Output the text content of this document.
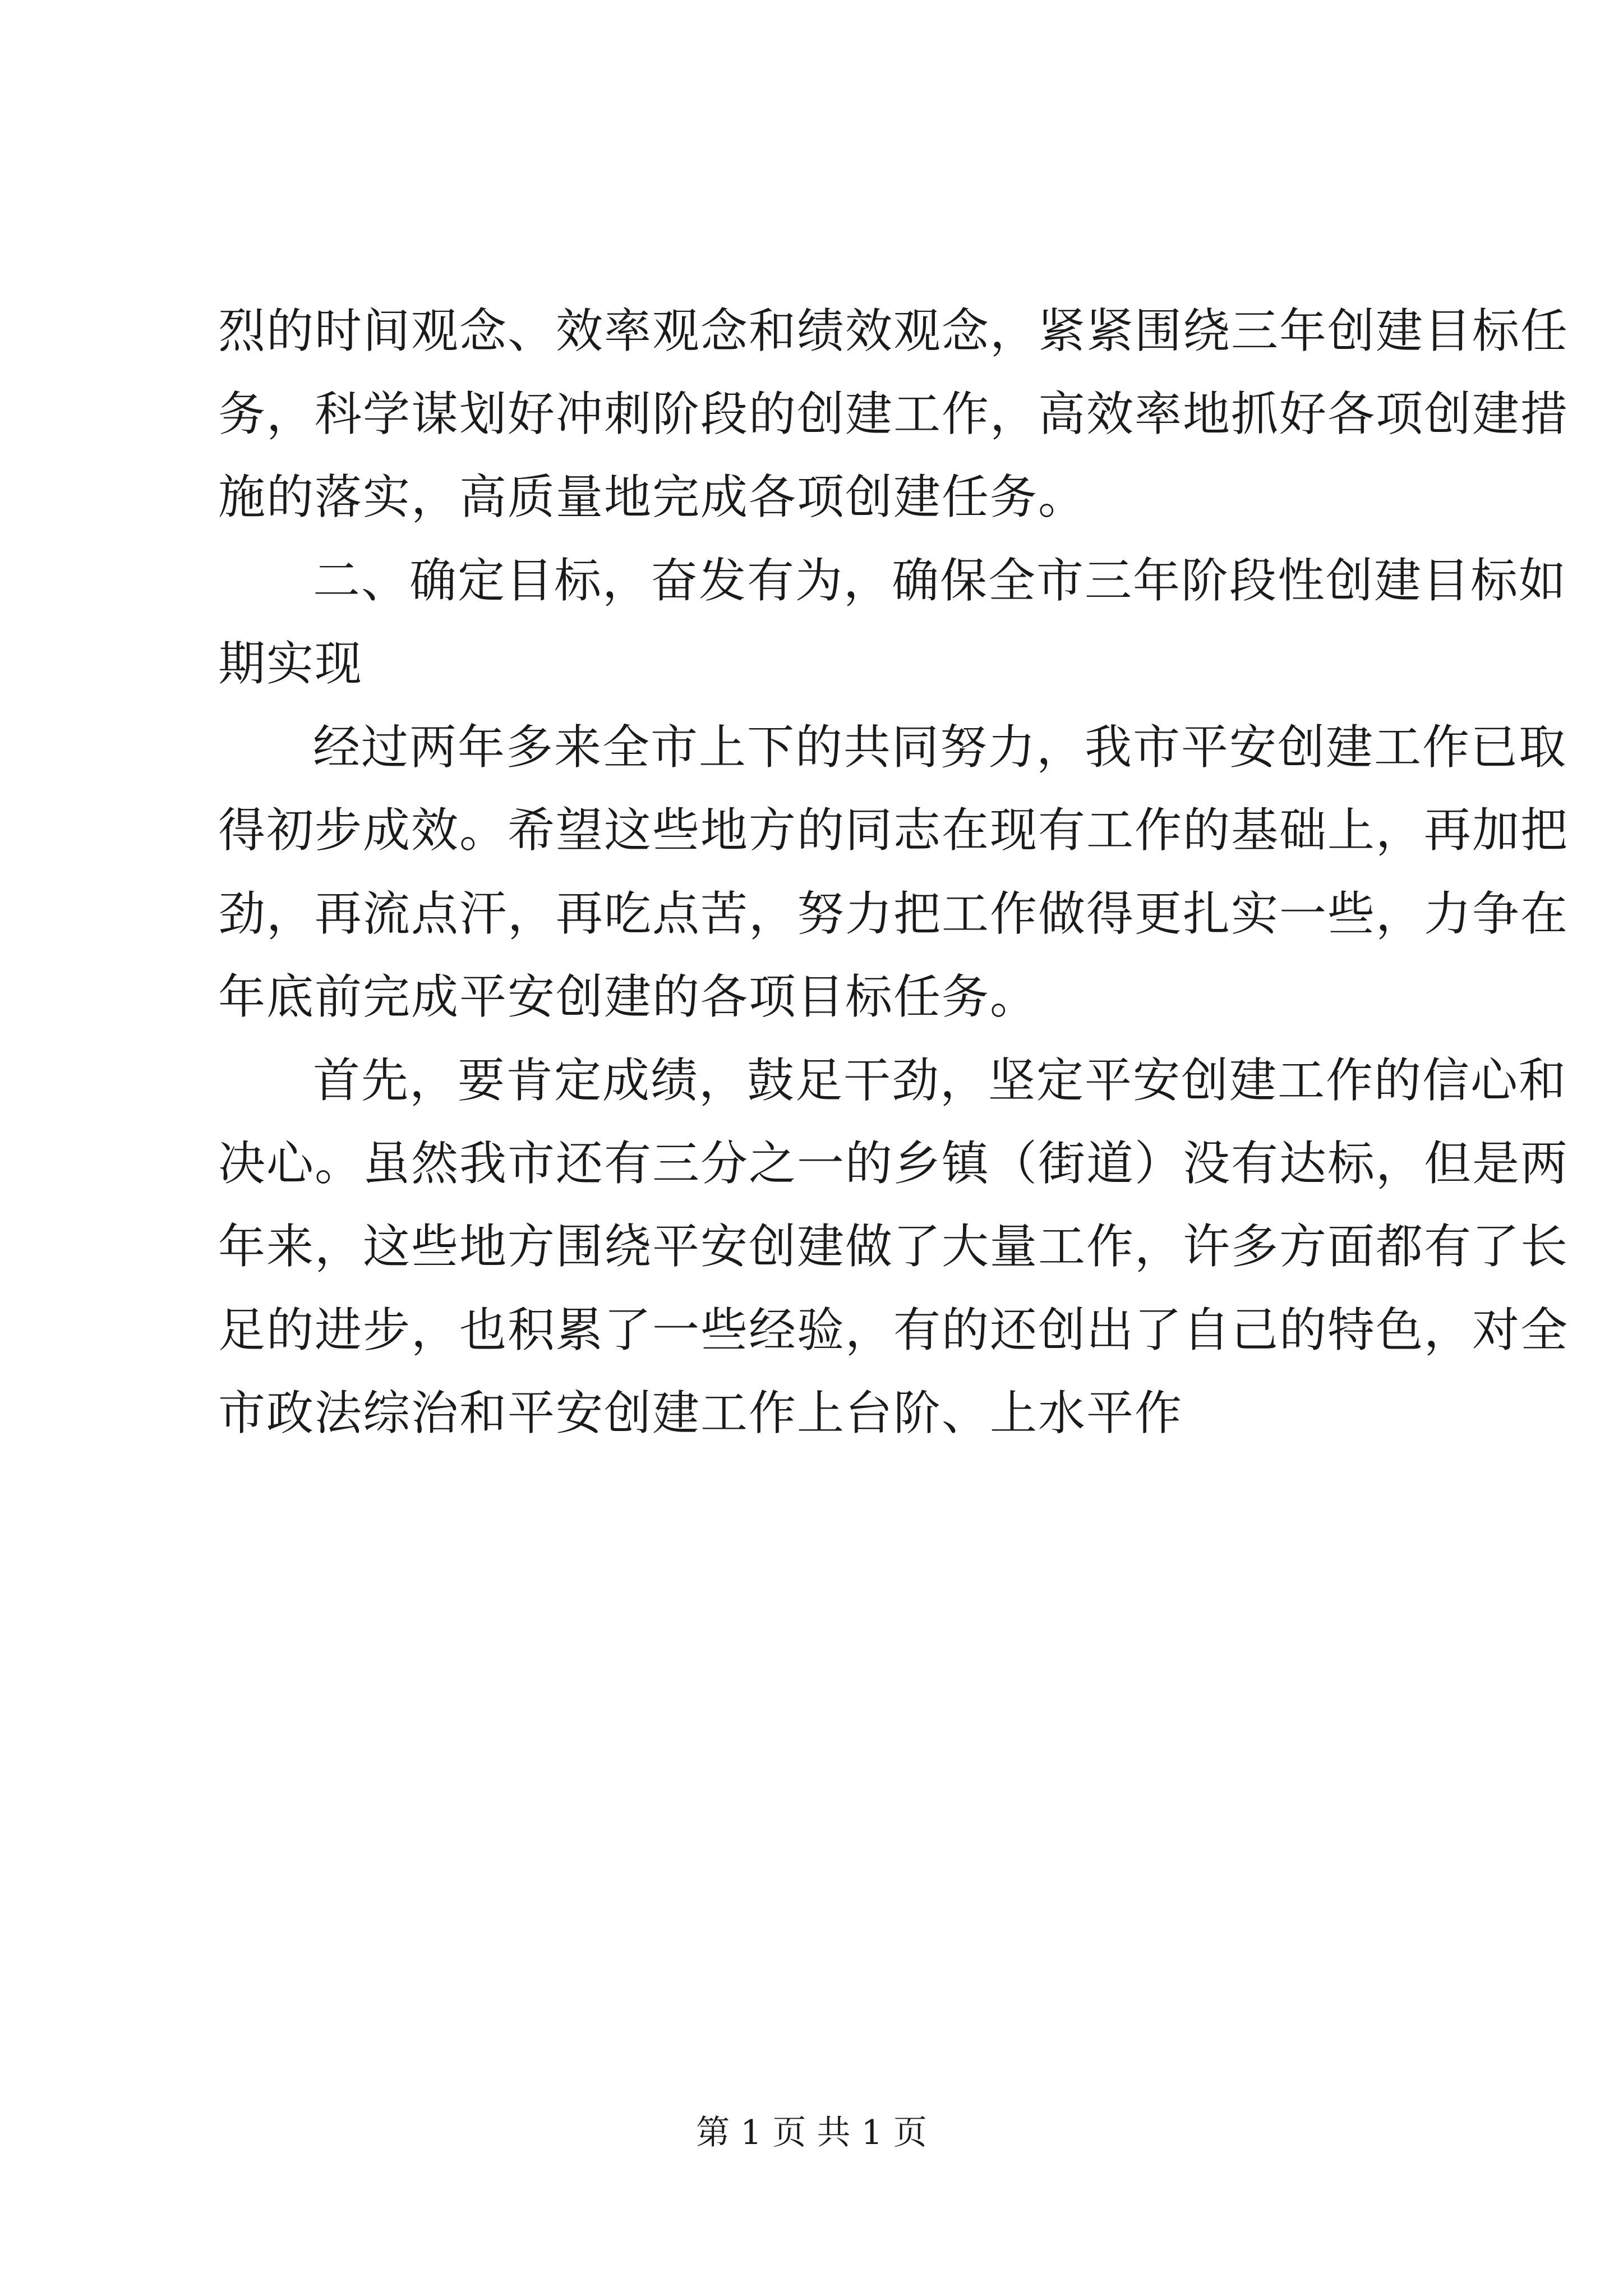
烈的时间观念、效率观念和绩效观念，紧紧围绕三年创建目标任
务，科学谋划好冲刺阶段的创建工作，高效率地抓好各项创建措
施的落实，高质量地完成各项创建任务。
二、确定目标，奋发有为，确保全市三年阶段性创建目标如
期实现
经过两年多来全市上下的共同努力，我市平安创建工作已取
得初步成效。希望这些地方的同志在现有工作的基础上，再加把
劲，再流点汗，再吃点苦，努力把工作做得更扎实一些，力争在
年底前完成平安创建的各项目标任务。
首先，要肯定成绩，鼓足干劲，坚定平安创建工作的信心和
决心。虽然我市还有三分之一的乡镇（街道）没有达标，但是两
年来，这些地方围绕平安创建做了大量工作，许多方面都有了长
足的进步，也积累了一些经验，有的还创出了自己的特色，对全
市政法综治和平安创建工作上台阶、上水平作
第 1 页 共 1 页
